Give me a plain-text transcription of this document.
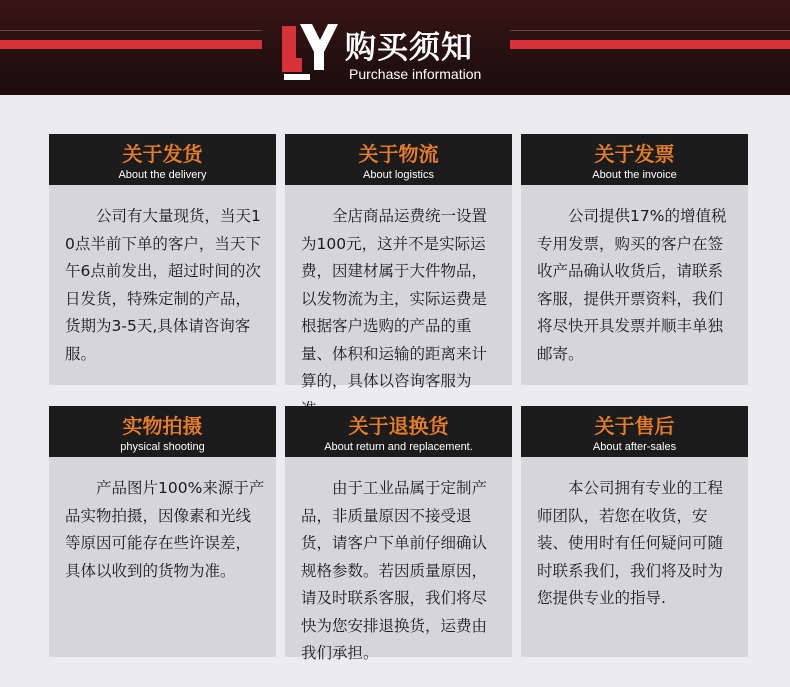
购买须知
Purchase information
关于发货
About the delivery
公司有大量现货，当天10点半前下单的客户，当天下午6点前发出，超过时间的次日发货，特殊定制的产品，货期为3-5天,具体请咨询客服。
关于物流
About logistics
全店商品运费统一设置为100元，这并不是实际运费，因建材属于大件物品，以发物流为主，实际运费是根据客户选购的产品的重量、体积和运输的距离来计算的，具体以咨询客服为
关于发票
About the invoice
公司提供17%的增值税专用发票，购买的客户在签收产品确认收货后，请联系客服，提供开票资料，我们将尽快开具发票并顺丰单独邮寄。
实物拍摄
physical shooting
产品图片100%来源于产品实物拍摄，因像素和光线等原因可能存在些许误差，具体以收到的货物为准。
关于退换货
About return and replacement.
由于工业品属于定制产品，非质量原因不接受退货，请客户下单前仔细确认规格参数。若因质量原因，请及时联系客服，我们将尽快为您安排退换货，运费由我们承担。
关于售后
About after-sales
本公司拥有专业的工程师团队，若您在收货，安装、使用时有任何疑问可随时联系我们，我们将及时为您提供专业的指导.
